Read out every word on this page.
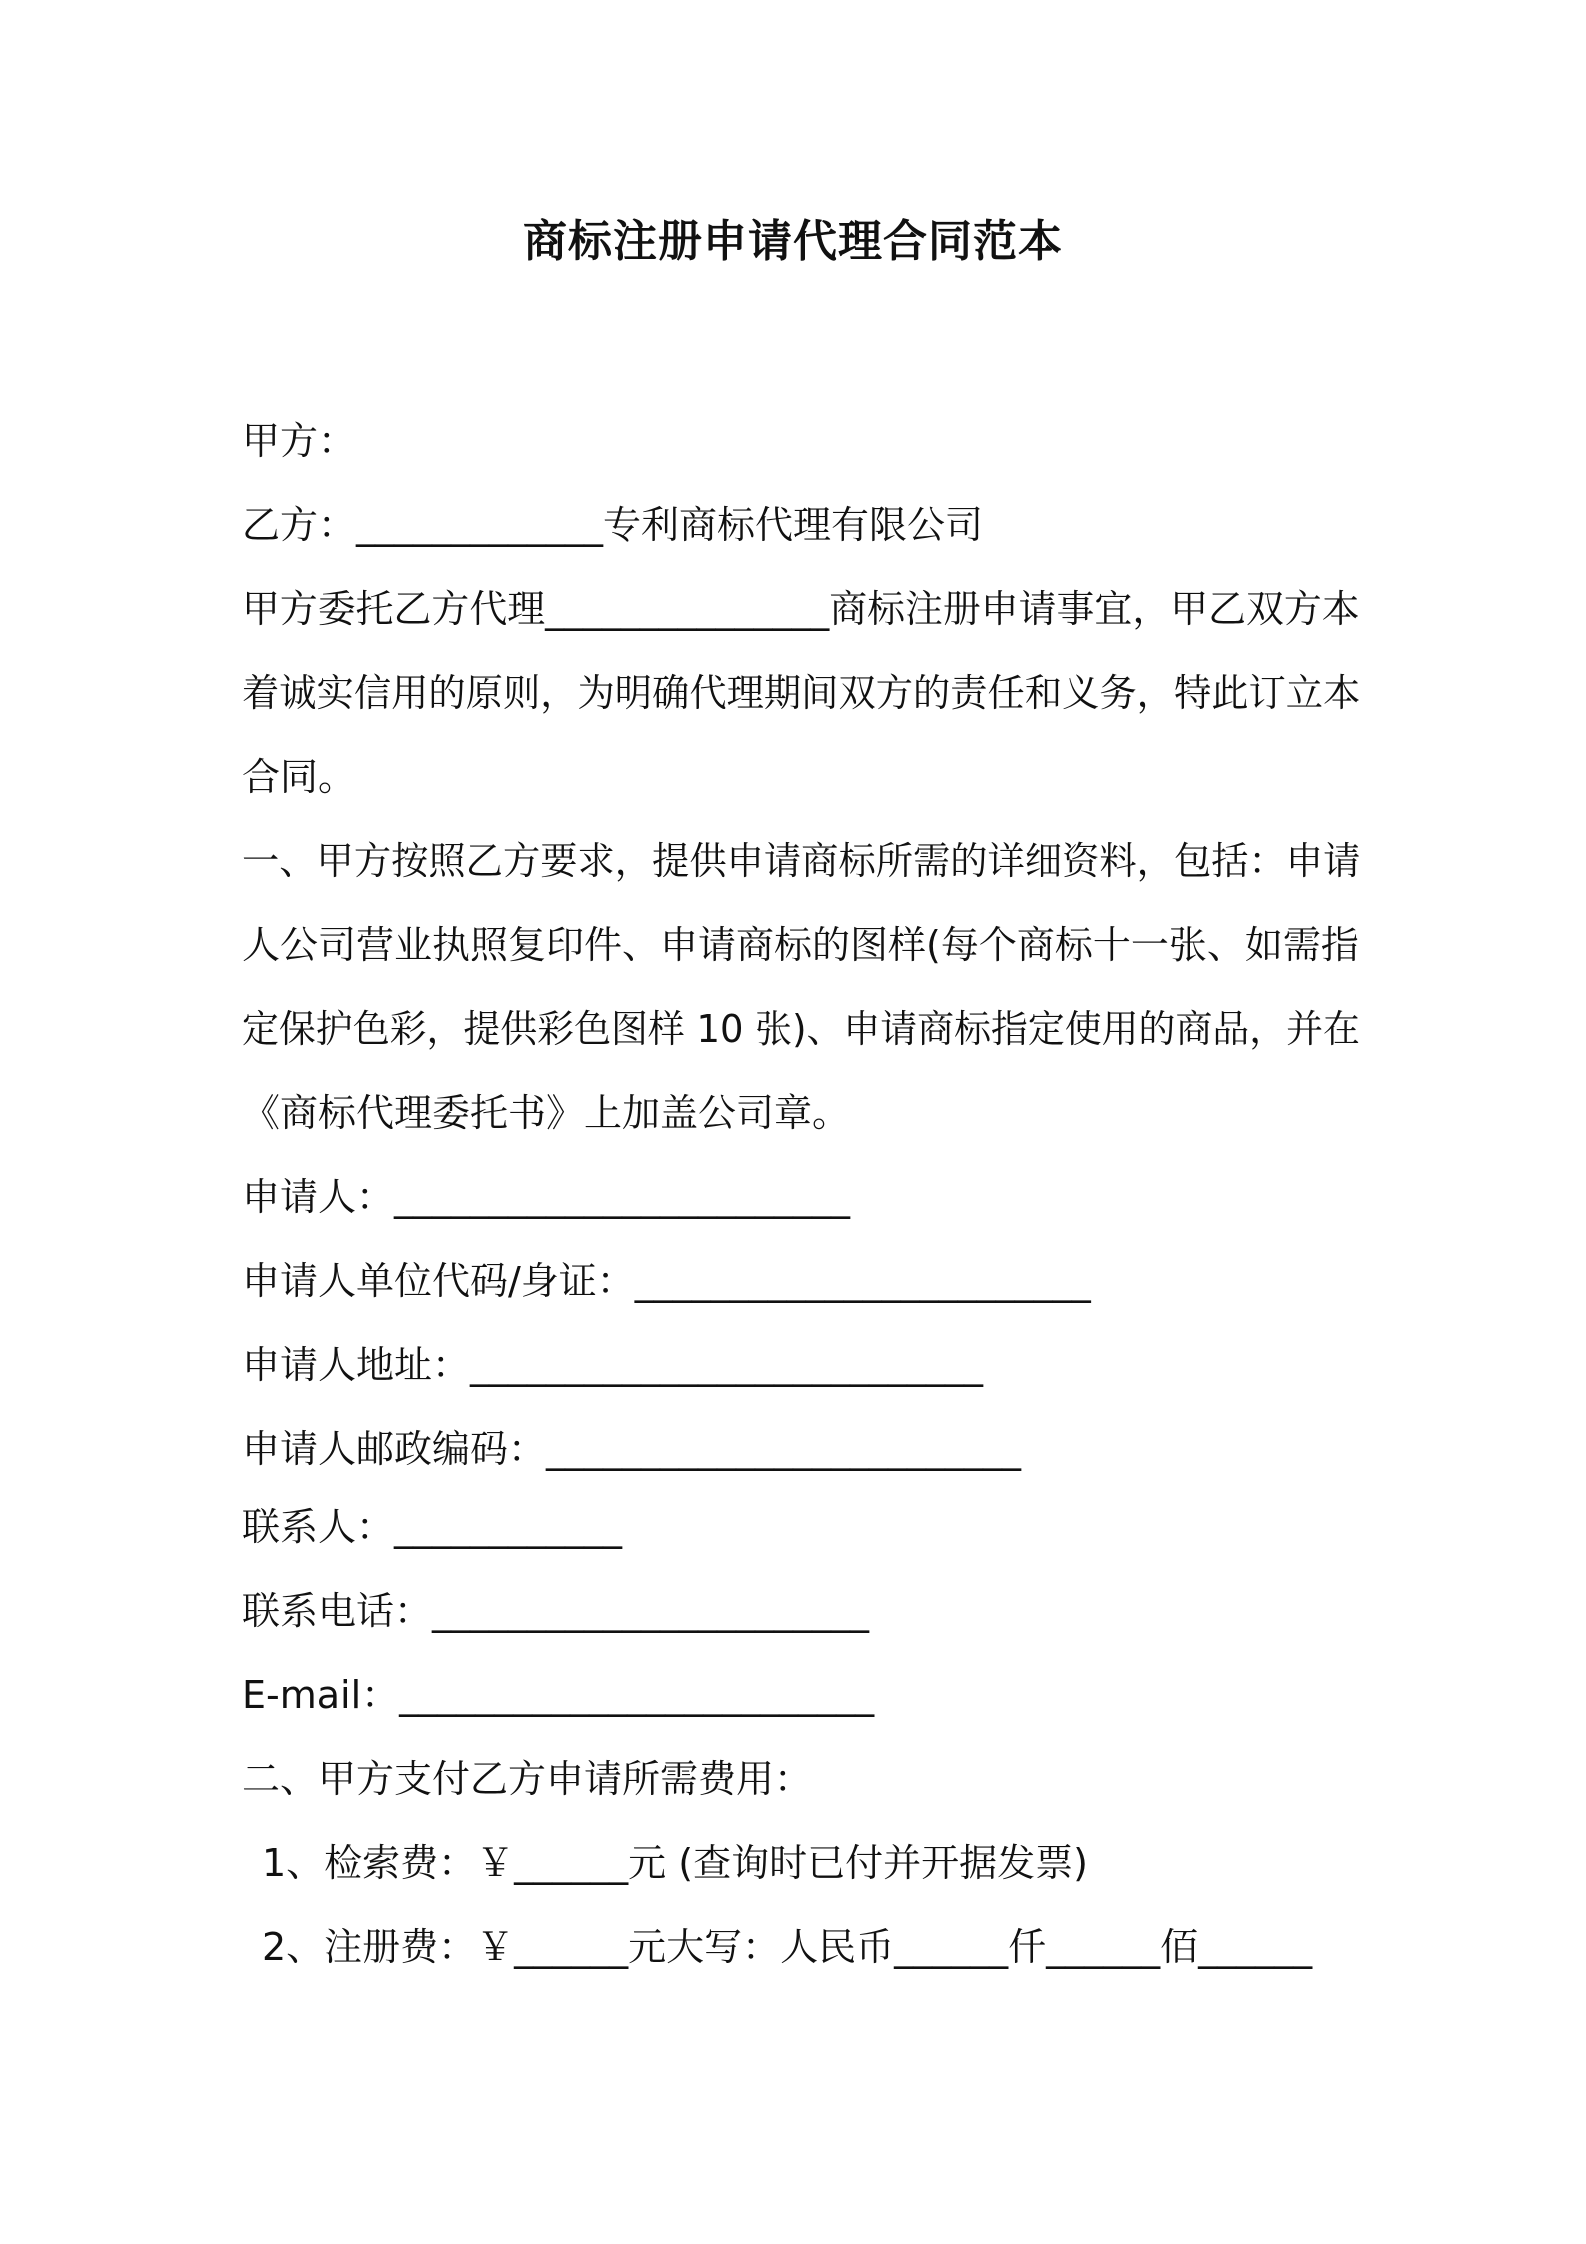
商标注册申请代理合同范本
甲方：
乙方：_____________专利商标代理有限公司
甲方委托乙方代理_______________商标注册申请事宜，甲乙双方本
着诚实信用的原则，为明确代理期间双方的责任和义务，特此订立本
合同。
一、甲方按照乙方要求，提供申请商标所需的详细资料，包括：申请
人公司营业执照复印件、申请商标的图样(每个商标十一张、如需指
定保护色彩，提供彩色图样 10 张)、申请商标指定使用的商品，并在
《商标代理委托书》上加盖公司章。
申请人：________________________
申请人单位代码/身证：________________________
申请人地址：___________________________
申请人邮政编码：_________________________
联系人：____________
联系电话：_______________________
E-mail：_________________________
二、甲方支付乙方申请所需费用：
1、检索费：￥______元 (查询时已付并开据发票)
2、注册费：￥______元大写：人民币______仟______佰______
